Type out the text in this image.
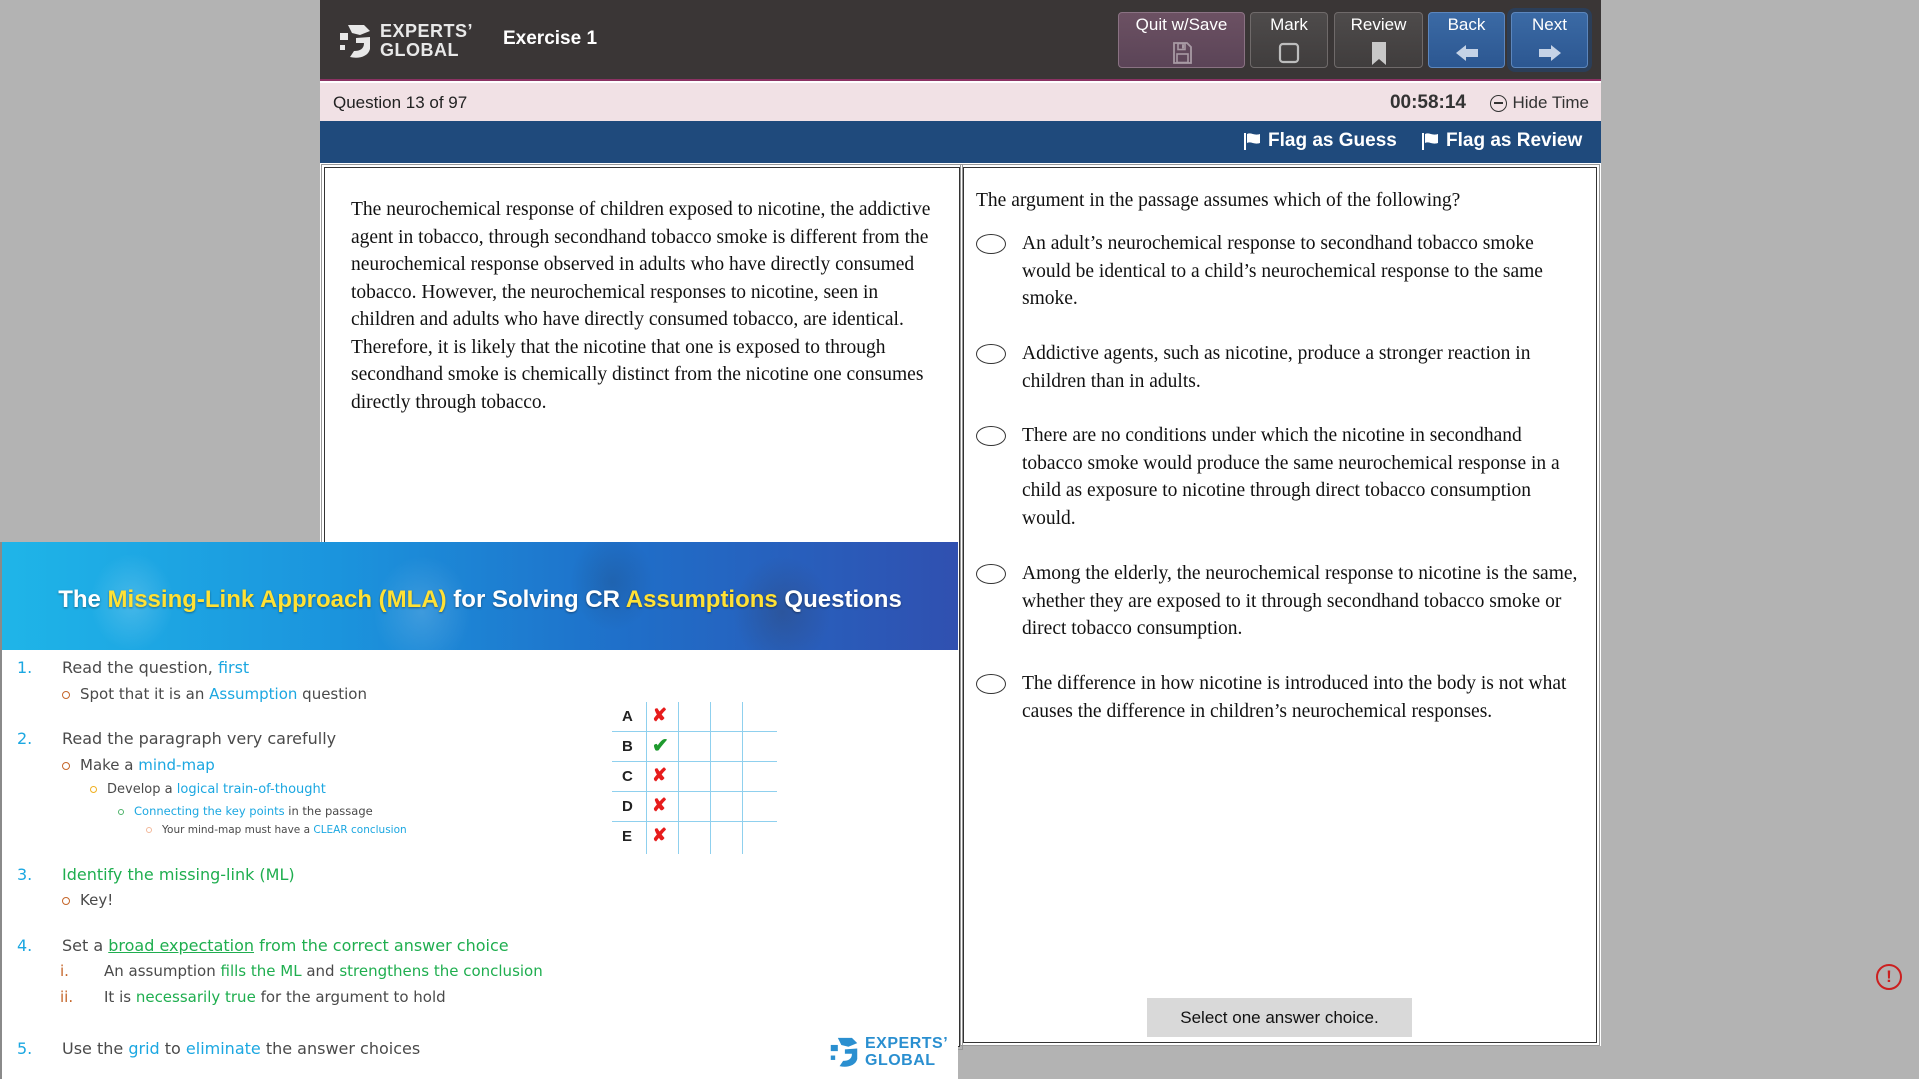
EXPERTS’
GLOBAL
Exercise 1
Quit w/Save	Mark	Review	Back	Next
Question 13 of 97	00:58:14	Hide Time
Flag as Guess	Flag as Review
The neurochemical response of children exposed to nicotine, the addictive agent in tobacco, through secondhand tobacco smoke is different from the neurochemical response observed in adults who have directly consumed tobacco. However, the neurochemical responses to nicotine, seen in children and adults who have directly consumed tobacco, are identical. Therefore, it is likely that the nicotine that one is exposed to through secondhand smoke is chemically distinct from the nicotine one consumes directly through tobacco.
The argument in the passage assumes which of the following?
An adult’s neurochemical response to secondhand tobacco smoke would be identical to a child’s neurochemical response to the same smoke.
Addictive agents, such as nicotine, produce a stronger reaction in children than in adults.
There are no conditions under which the nicotine in secondhand tobacco smoke would produce the same neurochemical response in a child as exposure to nicotine through direct tobacco consumption would.
Among the elderly, the neurochemical response to nicotine is the same, whether they are exposed to it through secondhand tobacco smoke or direct tobacco consumption.
The difference in how nicotine is introduced into the body is not what causes the difference in children’s neurochemical responses.
Select one answer choice.
!
The Missing-Link Approach (MLA) for Solving CR Assumptions Questions
1. Read the question, first
Spot that it is an Assumption question
2. Read the paragraph very carefully
Make a mind-map
Develop a logical train-of-thought
Connecting the key points in the passage
Your mind-map must have a CLEAR conclusion
3. Identify the missing-link (ML)
Key!
4. Set a broad expectation from the correct answer choice
i. An assumption fills the ML and strengthens the conclusion
ii. It is necessarily true for the argument to hold
5. Use the grid to eliminate the answer choices
A ✘
B ✔
C ✘
D ✘
E ✘
EXPERTS’
GLOBAL
